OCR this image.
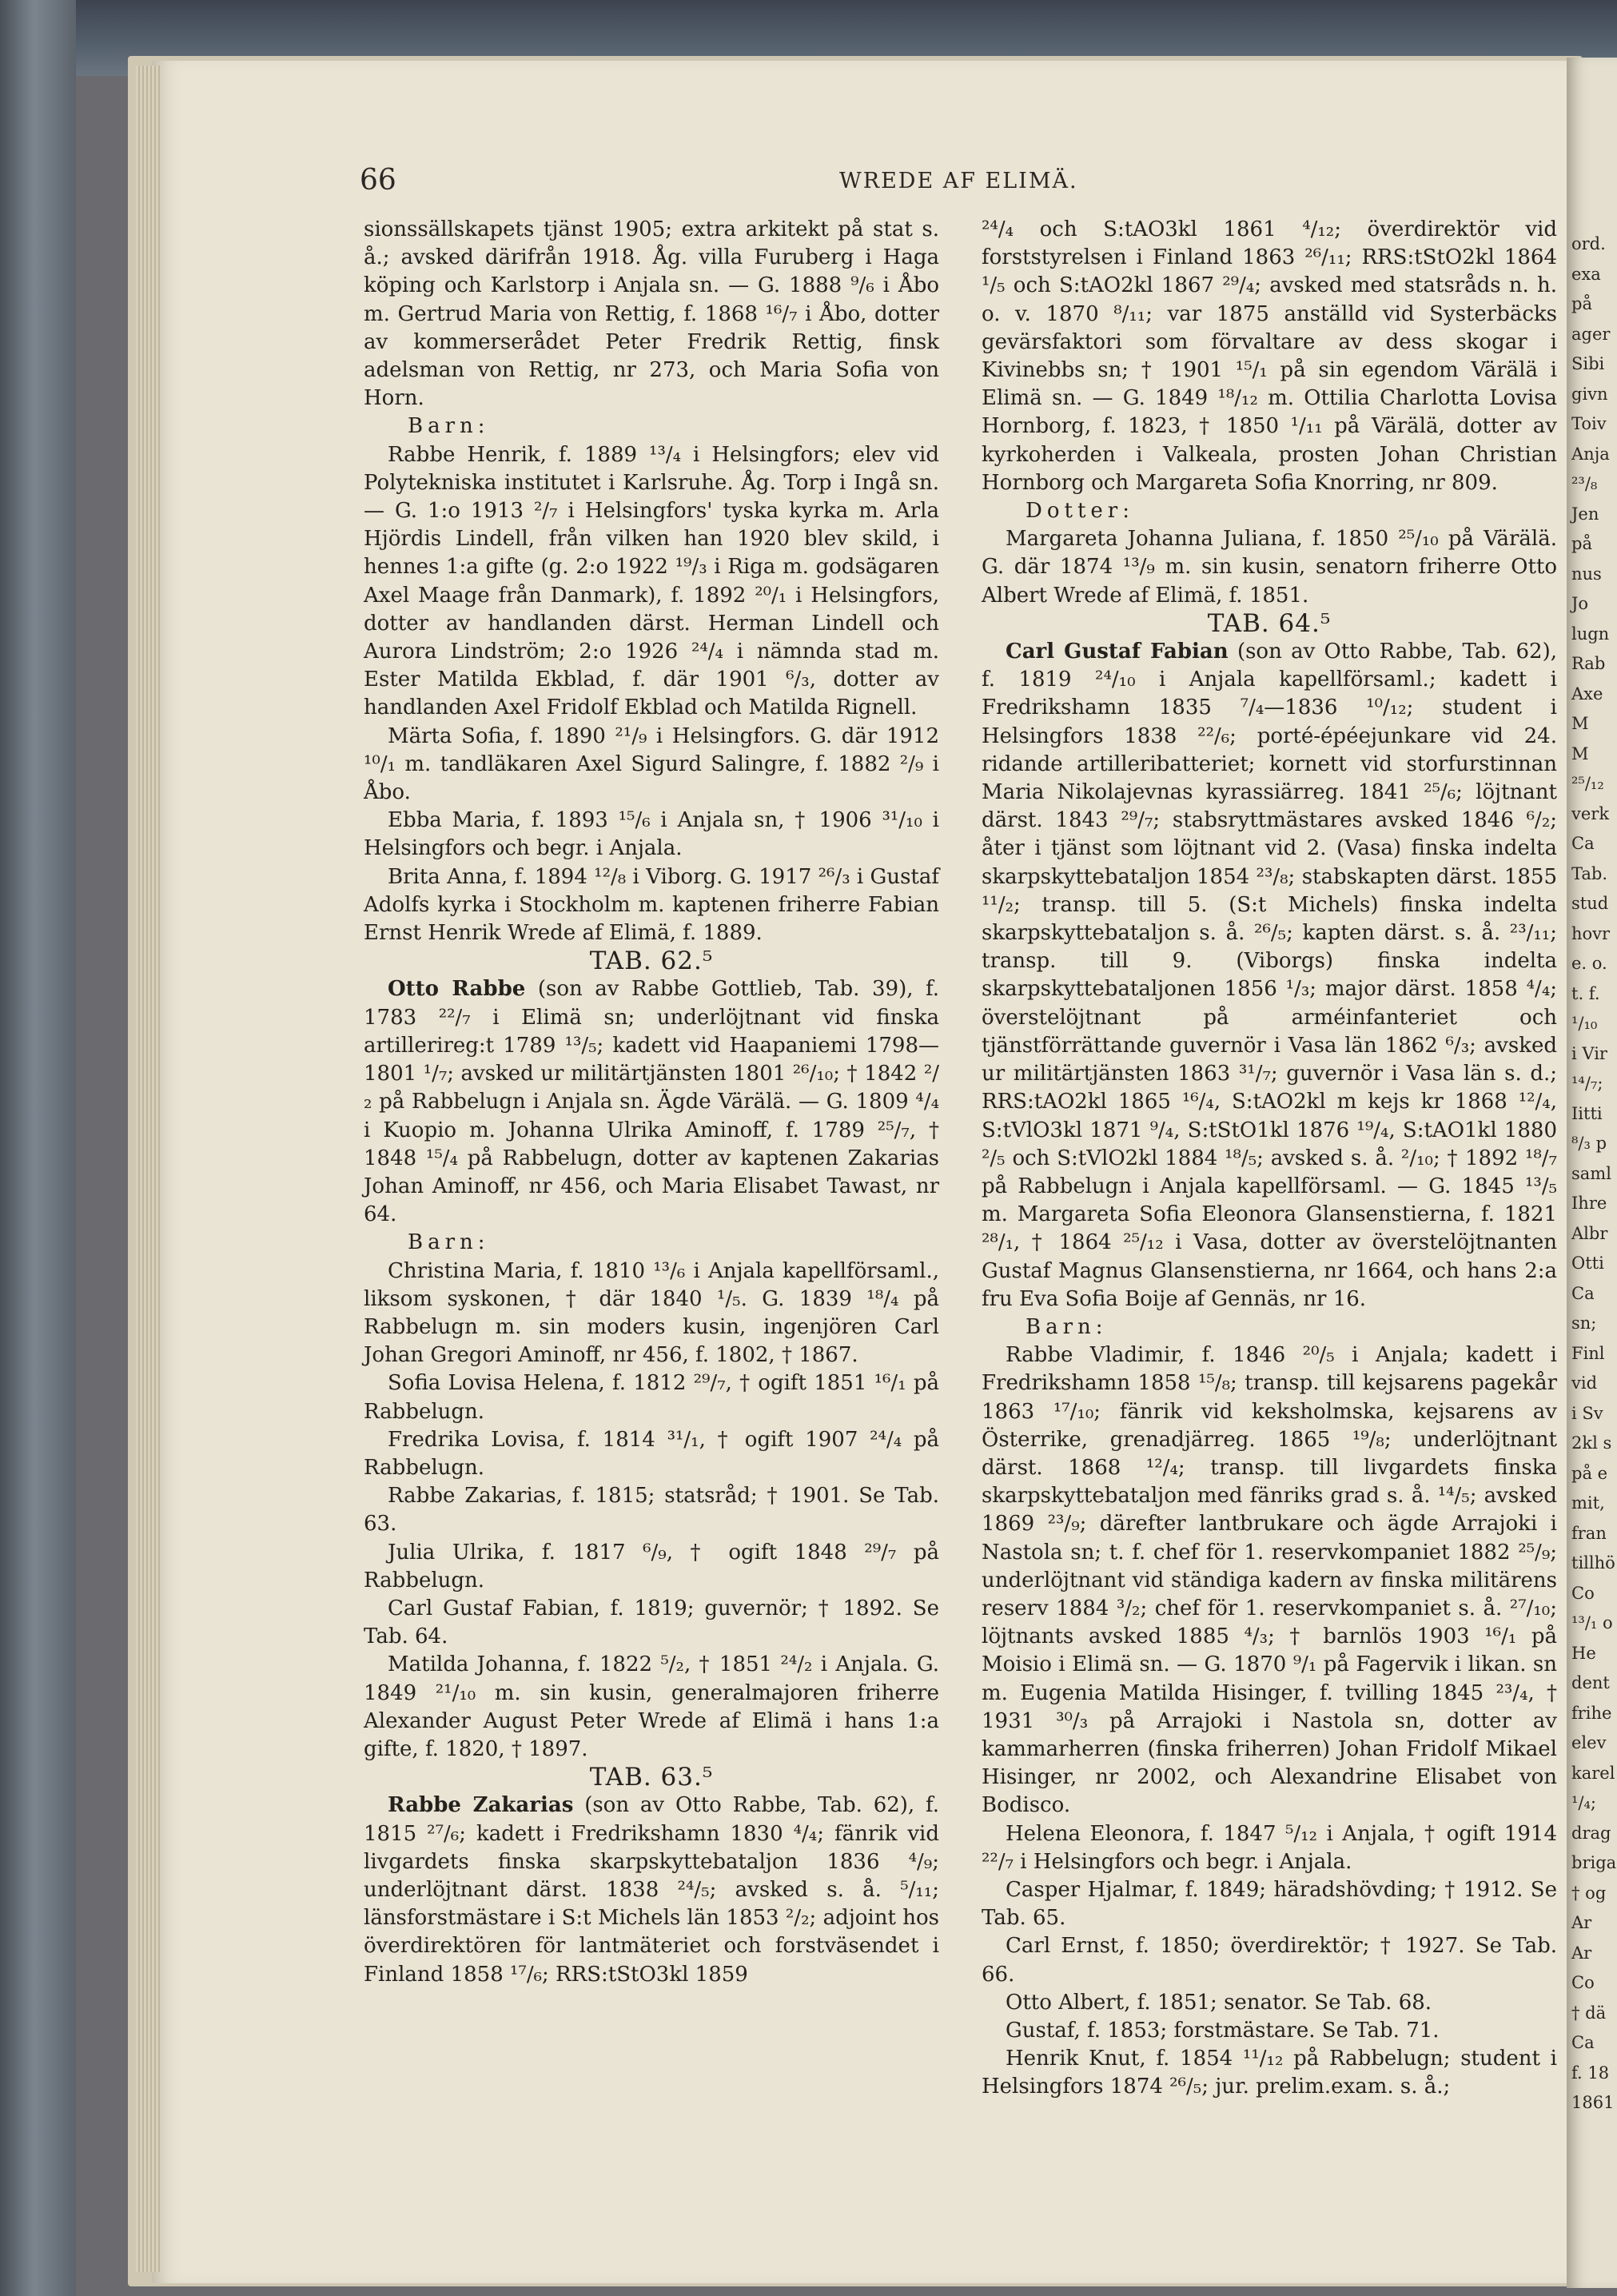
66	WREDE AF ELIMÄ.

sionssällskapets tjänst 1905; extra arkitekt på stat s. å.; avsked därifrån 1918. Åg. villa Furuberg i Haga köping och Karlstorp i Anjala sn. — G. 1888 ⁹/₆ i Åbo m. Gertrud Maria von Rettig, f. 1868 ¹⁶/₇ i Åbo, dotter av kommerserådet Peter Fredrik Rettig, finsk adelsman von Rettig, nr 273, och Maria Sofia von Horn.

Barn:

Rabbe Henrik, f. 1889 ¹³/₄ i Helsingfors; elev vid Polytekniska institutet i Karlsruhe. Åg. Torp i Ingå sn. — G. 1:o 1913 ²/₇ i Helsingfors' tyska kyrka m. Arla Hjördis Lindell, från vilken han 1920 blev skild, i hennes 1:a gifte (g. 2:o 1922 ¹⁹/₃ i Riga m. godsägaren Axel Maage från Danmark), f. 1892 ²⁰/₁ i Helsingfors, dotter av handlanden därst. Herman Lindell och Aurora Lindström; 2:o 1926 ²⁴/₄ i nämnda stad m. Ester Matilda Ekblad, f. där 1901 ⁶/₃, dotter av handlanden Axel Fridolf Ekblad och Matilda Rignell.

Märta Sofia, f. 1890 ²¹/₉ i Helsingfors. G. där 1912 ¹⁰/₁ m. tandläkaren Axel Sigurd Salingre, f. 1882 ²/₉ i Åbo.

Ebba Maria, f. 1893 ¹⁵/₆ i Anjala sn, † 1906 ³¹/₁₀ i Helsingfors och begr. i Anjala.

Brita Anna, f. 1894 ¹²/₈ i Viborg. G. 1917 ²⁶/₃ i Gustaf Adolfs kyrka i Stockholm m. kaptenen friherre Fabian Ernst Henrik Wrede af Elimä, f. 1889.

TAB. 62.⁵

Otto Rabbe (son av Rabbe Gottlieb, Tab. 39), f. 1783 ²²/₇ i Elimä sn; underlöjtnant vid finska artillerireg:t 1789 ¹³/₅; kadett vid Haapaniemi 1798—1801 ¹/₇; avsked ur militärtjänsten 1801 ²⁶/₁₀; † 1842 ²/₂ på Rabbelugn i Anjala sn. Ägde Värälä. — G. 1809 ⁴/₄ i Kuopio m. Johanna Ulrika Aminoff, f. 1789 ²⁵/₇, † 1848 ¹⁵/₄ på Rabbelugn, dotter av kaptenen Zakarias Johan Aminoff, nr 456, och Maria Elisabet Tawast, nr 64.

Barn:

Christina Maria, f. 1810 ¹³/₆ i Anjala kapellförsaml., liksom syskonen, † där 1840 ¹/₅. G. 1839 ¹⁸/₄ på Rabbelugn m. sin moders kusin, ingenjören Carl Johan Gregori Aminoff, nr 456, f. 1802, † 1867.

Sofia Lovisa Helena, f. 1812 ²⁹/₇, † ogift 1851 ¹⁶/₁ på Rabbelugn.

Fredrika Lovisa, f. 1814 ³¹/₁, † ogift 1907 ²⁴/₄ på Rabbelugn.

Rabbe Zakarias, f. 1815; statsråd; † 1901. Se Tab. 63.

Julia Ulrika, f. 1817 ⁶/₉, † ogift 1848 ²⁹/₇ på Rabbelugn.

Carl Gustaf Fabian, f. 1819; guvernör; † 1892. Se Tab. 64.

Matilda Johanna, f. 1822 ⁵/₂, † 1851 ²⁴/₂ i Anjala. G. 1849 ²¹/₁₀ m. sin kusin, generalmajoren friherre Alexander August Peter Wrede af Elimä i hans 1:a gifte, f. 1820, † 1897.

TAB. 63.⁵

Rabbe Zakarias (son av Otto Rabbe, Tab. 62), f. 1815 ²⁷/₆; kadett i Fredrikshamn 1830 ⁴/₄; fänrik vid livgardets finska skarpskyttebataljon 1836 ⁴/₉; underlöjtnant därst. 1838 ²⁴/₅; avsked s. å. ⁵/₁₁; länsforstmästare i S:t Michels län 1853 ²/₂; adjoint hos överdirektören för lantmäteriet och forstväsendet i Finland 1858 ¹⁷/₆; RRS:tStO3kl 1859

²⁴/₄ och S:tAO3kl 1861 ⁴/₁₂; överdirektör vid forststyrelsen i Finland 1863 ²⁶/₁₁; RRS:tStO2kl 1864 ¹/₅ och S:tAO2kl 1867 ²⁹/₄; avsked med statsråds n. h. o. v. 1870 ⁸/₁₁; var 1875 anställd vid Systerbäcks gevärsfaktori som förvaltare av dess skogar i Kivinebbs sn; † 1901 ¹⁵/₁ på sin egendom Värälä i Elimä sn. — G. 1849 ¹⁸/₁₂ m. Ottilia Charlotta Lovisa Hornborg, f. 1823, † 1850 ¹/₁₁ på Värälä, dotter av kyrkoherden i Valkeala, prosten Johan Christian Hornborg och Margareta Sofia Knorring, nr 809.

Dotter:

Margareta Johanna Juliana, f. 1850 ²⁵/₁₀ på Värälä. G. där 1874 ¹³/₉ m. sin kusin, senatorn friherre Otto Albert Wrede af Elimä, f. 1851.

TAB. 64.⁵

Carl Gustaf Fabian (son av Otto Rabbe, Tab. 62), f. 1819 ²⁴/₁₀ i Anjala kapellförsaml.; kadett i Fredrikshamn 1835 ⁷/₄—1836 ¹⁰/₁₂; student i Helsingfors 1838 ²²/₆; porté-épéejunkare vid 24. ridande artilleribatteriet; kornett vid storfurstinnan Maria Nikolajevnas kyrassiärreg. 1841 ²⁵/₆; löjtnant därst. 1843 ²⁹/₇; stabsryttmästares avsked 1846 ⁶/₂; åter i tjänst som löjtnant vid 2. (Vasa) finska indelta skarpskyttebataljon 1854 ²³/₈; stabskapten därst. 1855 ¹¹/₂; transp. till 5. (S:t Michels) finska indelta skarpskyttebataljon s. å. ²⁶/₅; kapten därst. s. å. ²³/₁₁; transp. till 9. (Viborgs) finska indelta skarpskyttebataljonen 1856 ¹/₃; major därst. 1858 ⁴/₄; överstelöjtnant på arméinfanteriet och tjänstförrättande guvernör i Vasa län 1862 ⁶/₃; avsked ur militärtjänsten 1863 ³¹/₇; guvernör i Vasa län s. d.; RRS:tAO2kl 1865 ¹⁶/₄, S:tAO2kl m kejs kr 1868 ¹²/₄, S:tVlO3kl 1871 ⁹/₄, S:tStO1kl 1876 ¹⁹/₄, S:tAO1kl 1880 ²/₅ och S:tVlO2kl 1884 ¹⁸/₅; avsked s. å. ²/₁₀; † 1892 ¹⁸/₇ på Rabbelugn i Anjala kapellförsaml. — G. 1845 ¹³/₅ m. Margareta Sofia Eleonora Glansenstierna, f. 1821 ²⁸/₁, † 1864 ²⁵/₁₂ i Vasa, dotter av överstelöjtnanten Gustaf Magnus Glansenstierna, nr 1664, och hans 2:a fru Eva Sofia Boije af Gennäs, nr 16.

Barn:

Rabbe Vladimir, f. 1846 ²⁰/₅ i Anjala; kadett i Fredrikshamn 1858 ¹⁵/₈; transp. till kejsarens pagekår 1863 ¹⁷/₁₀; fänrik vid keksholmska, kejsarens av Österrike, grenadjärreg. 1865 ¹⁹/₈; underlöjtnant därst. 1868 ¹²/₄; transp. till livgardets finska skarpskyttebataljon med fänriks grad s. å. ¹⁴/₅; avsked 1869 ²³/₉; därefter lantbrukare och ägde Arrajoki i Nastola sn; t. f. chef för 1. reservkompaniet 1882 ²⁵/₉; underlöjtnant vid ständiga kadern av finska militärens reserv 1884 ³/₂; chef för 1. reservkompaniet s. å. ²⁷/₁₀; löjtnants avsked 1885 ⁴/₃; † barnlös 1903 ¹⁶/₁ på Moisio i Elimä sn. — G. 1870 ⁹/₁ på Fagervik i likan. sn m. Eugenia Matilda Hisinger, f. tvilling 1845 ²³/₄, † 1931 ³⁰/₃ på Arrajoki i Nastola sn, dotter av kammarherren (finska friherren) Johan Fridolf Mikael Hisinger, nr 2002, och Alexandrine Elisabet von Bodisco.

Helena Eleonora, f. 1847 ⁵/₁₂ i Anjala, † ogift 1914 ²²/₇ i Helsingfors och begr. i Anjala.

Casper Hjalmar, f. 1849; häradshövding; † 1912. Se Tab. 65.

Carl Ernst, f. 1850; överdirektör; † 1927. Se Tab. 66.

Otto Albert, f. 1851; senator. Se Tab. 68.

Gustaf, f. 1853; forstmästare. Se Tab. 71.

Henrik Knut, f. 1854 ¹¹/₁₂ på Rabbelugn; student i Helsingfors 1874 ²⁶/₅; jur. prelim.exam. s. å.;

ord.
exa
på
ager
Sibi
givn
Toiv
Anja
²³/₈
Jen
på
nus
Jo
lugn
Rab
Axe
M
M
²⁵/₁₂
verk
Ca
Tab.
stud
hovr
e. o.
t. f.
¹/₁₀
i Vir
¹⁴/₇;
Iitti
⁸/₃ p
saml
Ihre
Albr
Otti
Ca
sn;
Finl
vid
i Sv
2kl s
på e
mit,
fran
tillhö
Co
¹³/₁ o
He
dent
frihe
elev
karel
¹/₄;
drag
briga
† og
Ar
Ar
Co
† dä
Ca
f. 18
1861
